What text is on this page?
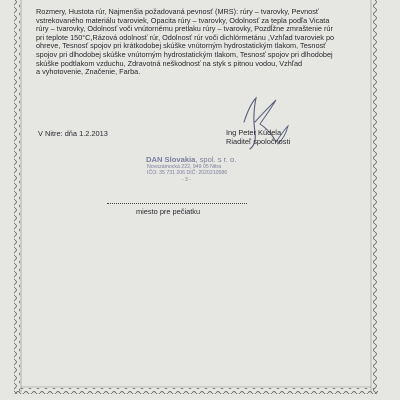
Rozmery, Hustota rúr, Najmenšia požadovaná pevnosť (MRS): rúry – tvarovky, Pevnosť
vstrekovaného materiálu tvaroviek, Opacita rúry – tvarovky, Odolnosť za tepla podľa Vicata
rúry – tvarovky, Odolnosť voči vnútornému pretlaku rúry – tvarovky, Pozdĺžne zmraštenie rúr
pri teplote 150°C,Rázová odolnosť rúr, Odolnosť rúr voči dichlórmetánu ,Vzhľad tvaroviek po
ohreve, Tesnosť spojov pri krátkodobej skúške vnútorným hydrostatickým tlakom, Tesnosť
spojov pri dlhodobej skúške vnútorným hydrostatickým tlakom, Tesnosť spojov pri dlhodobej
skúške podtlakom vzduchu, Zdravotná neškodnosť na styk s pitnou vodou, Vzhľad
a vyhotovenie, Značenie, Farba.
V Nitre: dňa 1.2.2013	Ing Peter Kúdela
Riaditeľ spoločnosti
DAN Slovakia, spol. s r. o.
Novozámocká 222, 949 05 Nitra
IČO: 35 731 206 DIČ: 2020210586
- 3 -
miesto pre pečiatku
